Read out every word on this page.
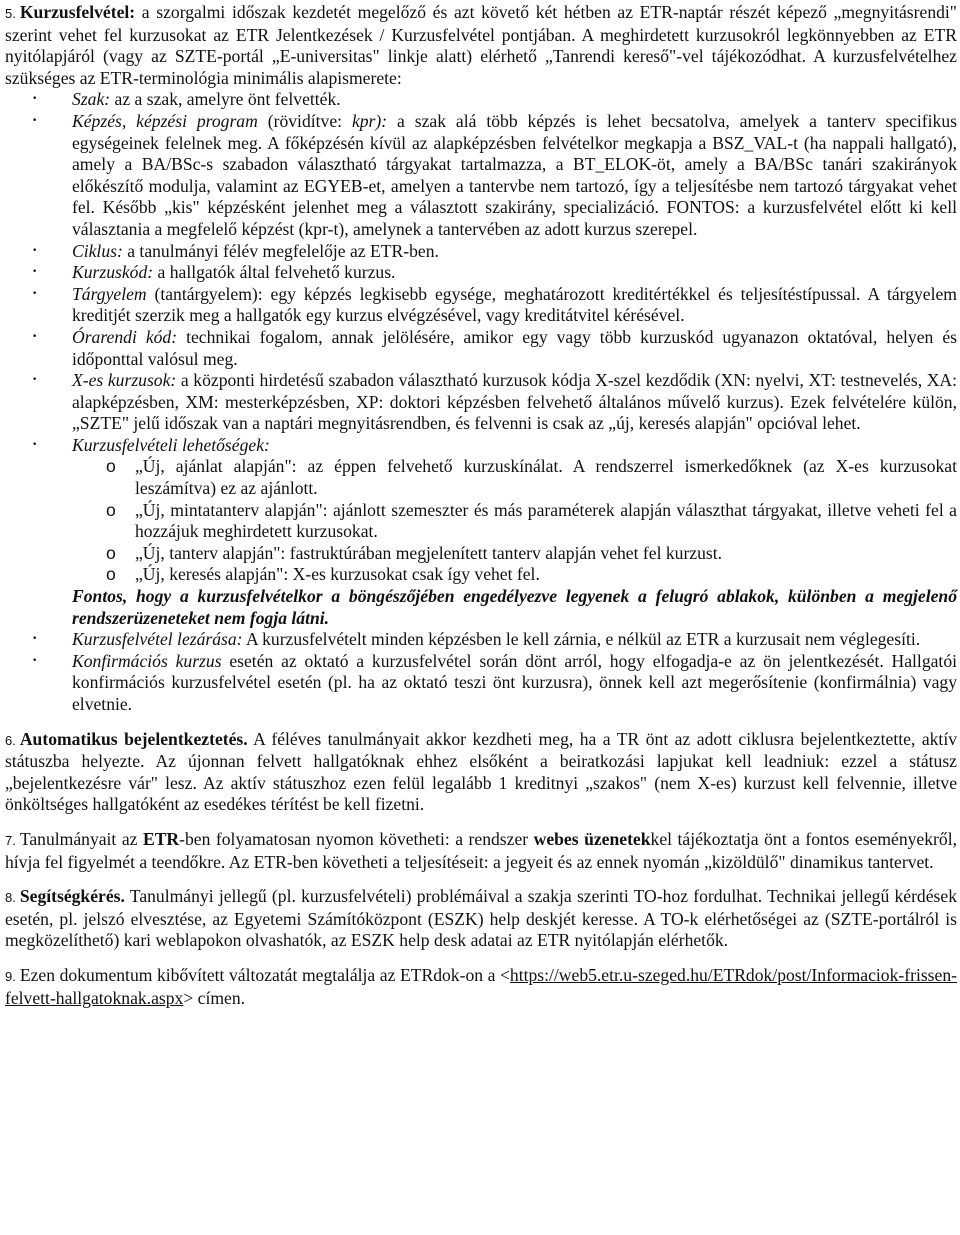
5. Kurzusfelvétel: a szorgalmi időszak kezdetét megelőző és azt követő két hétben az ETR-naptár részét képező „megnyitásrendi" szerint vehet fel kurzusokat az ETR Jelentkezések / Kurzusfelvétel pontjában. A meghirdetett kurzusokról legkönnyebben az ETR nyitólapjáról (vagy az SZTE-portál „E-universitas" linkje alatt) elérhető „Tanrendi kereső"-vel tájékozódhat. A kurzusfelvételhez szükséges az ETR-terminológia minimális alapismerete:

• Szak: az a szak, amelyre önt felvették.
• Képzés, képzési program (rövidítve: kpr): a szak alá több képzés is lehet becsatolva, amelyek a tanterv specifikus egységeinek felelnek meg. A főképzésén kívül az alapképzésben felvételkor megkapja a BSZ_VAL-t (ha nappali hallgató), amely a BA/BSc-s szabadon választható tárgyakat tartalmazza, a BT_ELOK-öt, amely a BA/BSc tanári szakirányok előkészítő modulja, valamint az EGYEB-et, amelyen a tantervbe nem tartozó, így a teljesítésbe nem tartozó tárgyakat vehet fel. Később „kis" képzésként jelenhet meg a választott szakirány, specializáció. FONTOS: a kurzusfelvétel előtt ki kell választania a megfelelő képzést (kpr-t), amelynek a tantervében az adott kurzus szerepel.
• Ciklus: a tanulmányi félév megfelelője az ETR-ben.
• Kurzuskód: a hallgatók által felvehető kurzus.
• Tárgyelem (tantárgyelem): egy képzés legkisebb egysége, meghatározott kreditértékkel és teljesítéstípussal. A tárgyelem kreditjét szerzik meg a hallgatók egy kurzus elvégzésével, vagy kreditátvitel kérésével.
• Órarendi kód: technikai fogalom, annak jelölésére, amikor egy vagy több kurzuskód ugyanazon oktatóval, helyen és időponttal valósul meg.
• X-es kurzusok: a központi hirdetésű szabadon választható kurzusok kódja X-szel kezdődik (XN: nyelvi, XT: testnevelés, XA: alapképzésben, XM: mesterképzésben, XP: doktori képzésben felvehető általános művelő kurzus). Ezek felvételére külön, „SZTE" jelű időszak van a naptári megnyitásrendben, és felvenni is csak az „új, keresés alapján" opcióval lehet.
• Kurzusfelvételi lehetőségek:
o „Új, ajánlat alapján": az éppen felvehető kurzuskínálat. A rendszerrel ismerkedőknek (az X-es kurzusokat leszámítva) ez az ajánlott.
o „Új, mintatanterv alapján": ajánlott szemeszter és más paraméterek alapján választhat tárgyakat, illetve veheti fel a hozzájuk meghirdetett kurzusokat.
o „Új, tanterv alapján": fastruktúrában megjelenített tanterv alapján vehet fel kurzust.
o „Új, keresés alapján": X-es kurzusokat csak így vehet fel.

Fontos, hogy a kurzusfelvételkor a böngészőjében engedélyezve legyenek a felugró ablakok, különben a megjelenő rendszerüzeneteket nem fogja látni.

• Kurzusfelvétel lezárása: A kurzusfelvételt minden képzésben le kell zárnia, e nélkül az ETR a kurzusait nem véglegesíti.
• Konfirmációs kurzus esetén az oktató a kurzusfelvétel során dönt arról, hogy elfogadja-e az ön jelentkezését. Hallgatói konfirmációs kurzusfelvétel esetén (pl. ha az oktató teszi önt kurzusra), önnek kell azt megerősítenie (konfirmálnia) vagy elvetnie.

6. Automatikus bejelentkeztetés. A féléves tanulmányait akkor kezdheti meg, ha a TR önt az adott ciklusra bejelentkeztette, aktív státuszba helyezte. Az újonnan felvett hallgatóknak ehhez elsőként a beiratkozási lapjukat kell leadniuk: ezzel a státusz „bejelentkezésre vár" lesz. Az aktív státuszhoz ezen felül legalább 1 kreditnyi „szakos" (nem X-es) kurzust kell felvennie, illetve önköltséges hallgatóként az esedékes térítést be kell fizetni.

7. Tanulmányait az ETR-ben folyamatosan nyomon követheti: a rendszer webes üzenetekkel tájékoztatja önt a fontos eseményekről, hívja fel figyelmét a teendőkre. Az ETR-ben követheti a teljesítéseit: a jegyeit és az ennek nyomán „kizöldülő" dinamikus tantervet.

8. Segítségkérés. Tanulmányi jellegű (pl. kurzusfelvételi) problémáival a szakja szerinti TO-hoz fordulhat. Technikai jellegű kérdések esetén, pl. jelszó elvesztése, az Egyetemi Számítóközpont (ESZK) help deskjét keresse. A TO-k elérhetőségei az (SZTE-portálról is megközelíthető) kari weblapokon olvashatók, az ESZK help desk adatai az ETR nyitólapján elérhetők.

9. Ezen dokumentum kibővített változatát megtalálja az ETRdok-on a <https://web5.etr.u-szeged.hu/ETRdok/post/Informaciok-frissen-felvett-hallgatoknak.aspx> címen.
